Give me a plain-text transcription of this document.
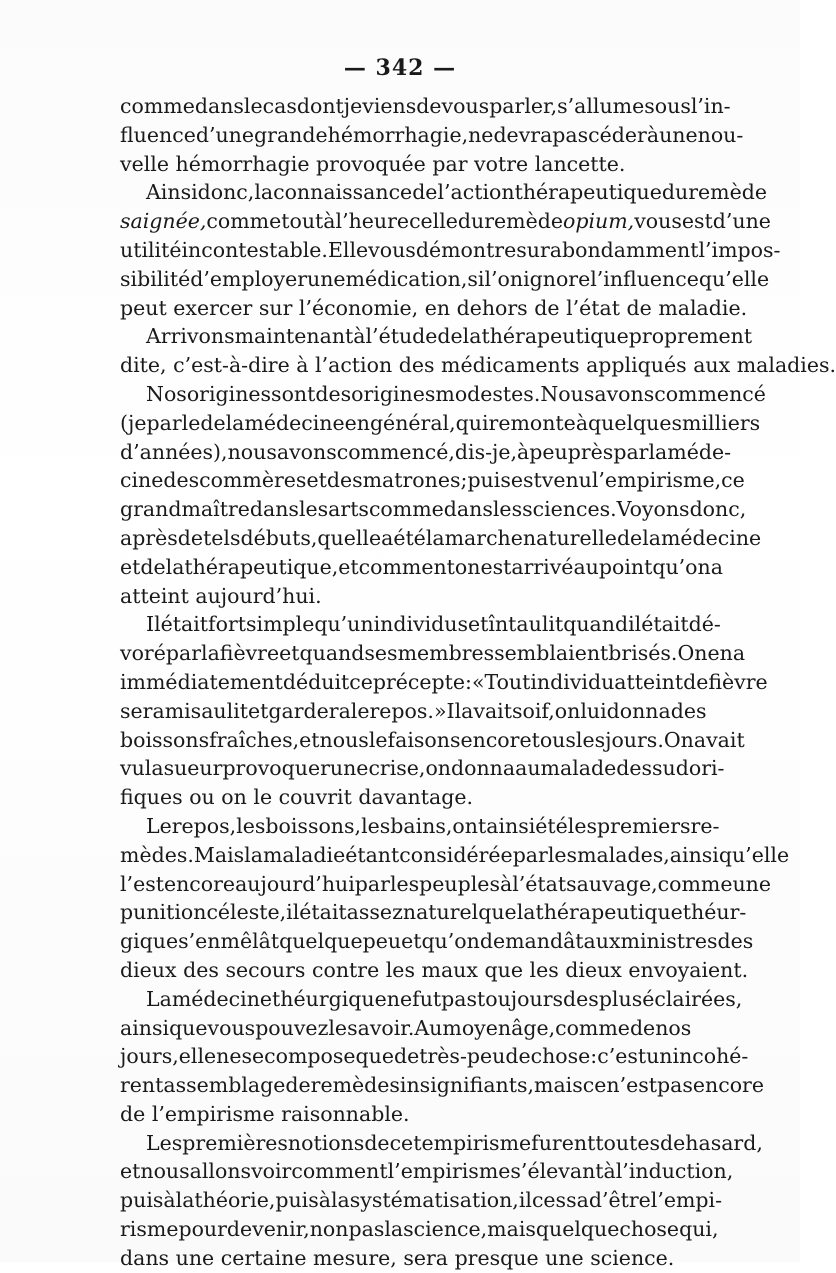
— 342 —
comme dans le cas dont je viens de vous parler, s’allume sous l’in-
fluence d’une grande hémorrhagie, ne devra pas céder à une nou-
velle hémorrhagie provoquée par votre lancette.
Ainsi donc, la connaissance de l’action thérapeutique du remède
saignée, comme tout à l’heure celle du remède opium, vous est d’une
utilité incontestable. Elle vous démontre surabondamment l’impos-
sibilité d’employer une médication, si l’on ignore l’influence qu’elle
peut exercer sur l’économie, en dehors de l’état de maladie.
Arrivons maintenant à l’étude de la thérapeutique proprement
dite, c’est-à-dire à l’action des médicaments appliqués aux maladies.
Nos origines sont des origines modestes. Nous avons commencé
(je parle de la médecine en général, qui remonte à quelques milliers
d’années), nous avons commencé, dis-je, à peu près par la méde-
cine des commères et des matrones ; puis est venu l’empirisme, ce
grand maître dans les arts comme dans les sciences. Voyons donc,
après de tels débuts, quelle a été la marche naturelle de la médecine
et de la thérapeutique, et comment on est arrivé au point qu’on a
atteint aujourd’hui.
Il était fort simple qu’un individu se tînt au lit quand il était dé-
voré par la fièvre et quand ses membres semblaient brisés. On en a
immédiatement déduit ce précepte : « Tout individu atteint de fièvre
sera mis au lit et gardera le repos. » Il avait soif, on lui donna des
boissons fraîches, et nous le faisons encore tous les jours. On avait
vu la sueur provoquer une crise, on donna au malade des sudori-
fiques ou on le couvrit davantage.
Le repos, les boissons, les bains, ont ainsi été les premiers re-
mèdes. Mais la maladie étant considérée par les malades, ainsi qu’elle
l’est encore aujourd’hui par les peuples à l’état sauvage, comme une
punition céleste, il était assez naturel que la thérapeutique théur-
gique s’en mêlât quelque peu et qu’on demandât aux ministres des
dieux des secours contre les maux que les dieux envoyaient.
La médecine théurgique ne fut pas toujours des plus éclairées,
ainsi que vous pouvez le savoir. Au moyen âge, comme de nos
jours, elle ne se compose que de très-peu de chose : c’est un incohé-
rent assemblage de remèdes insignifiants, mais ce n’est pas encore
de l’empirisme raisonnable.
Les premières notions de cet empirisme furent toutes de hasard,
et nous allons voir comment l’empirisme s’élevant à l’induction,
puis à la théorie, puis à la systématisation, il cessa d’être l’empi-
risme pour devenir, non pas la science, mais quelque chose qui,
dans une certaine mesure, sera presque une science.
